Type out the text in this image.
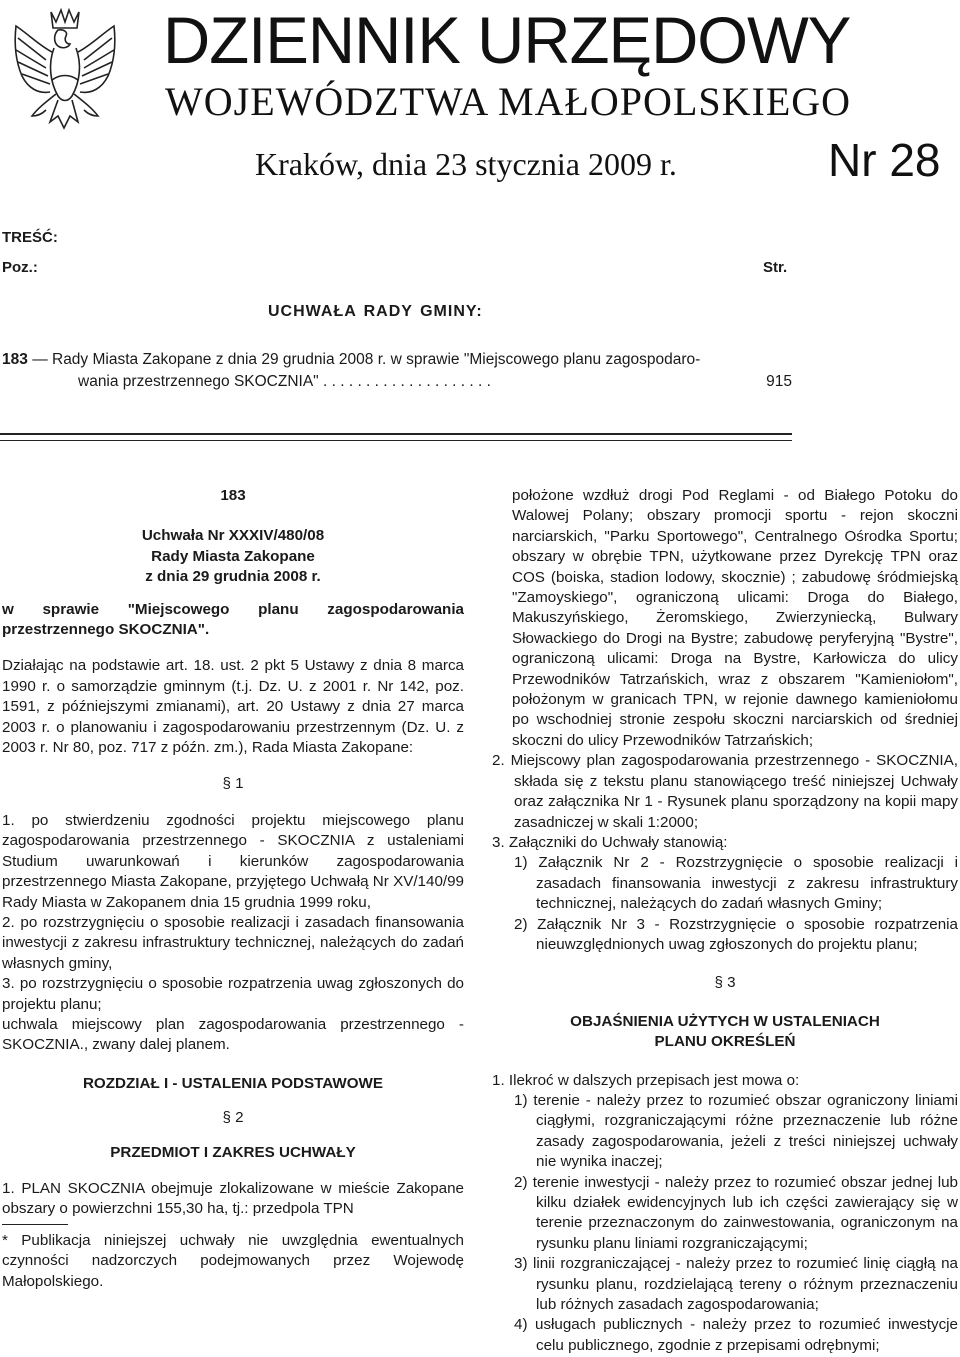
DZIENNIK URZĘDOWY
WOJEWÓDZTWA MAŁOPOLSKIEGO
Kraków, dnia 23 stycznia 2009 r.	Nr 28
TREŚĆ:
Poz.:	Str.
UCHWAŁA RADY GMINY:
183 — Rady Miasta Zakopane z dnia 29 grudnia 2008 r. w sprawie "Miejscowego planu zagospodaro-
wania przestrzennego SKOCZNIA" . . . . . . . . . . . . . . . . . . . .	915

183

Uchwała Nr XXXIV/480/08

Rady Miasta Zakopane

z dnia 29 grudnia 2008 r.

w sprawie "Miejscowego planu zagospodarowania przestrzennego SKOCZNIA".

Działając na podstawie art. 18. ust. 2 pkt 5 Ustawy z dnia 8 marca 1990 r. o samorządzie gminnym (t.j. Dz. U. z 2001 r. Nr 142, poz. 1591, z późniejszymi zmianami), art. 20 Ustawy z dnia 27 marca 2003 r. o planowaniu i zagospodarowaniu przestrzennym (Dz. U. z 2003 r. Nr 80, poz. 717 z późn. zm.), Rada Miasta Zakopane:

§ 1

1. po stwierdzeniu zgodności projektu miejscowego planu zagospodarowania przestrzennego - SKOCZNIA z ustaleniami Studium uwarunkowań i kierunków zagospodarowania przestrzennego Miasta Zakopane, przyjętego Uchwałą Nr XV/140/99 Rady Miasta w Zakopanem dnia 15 grudnia 1999 roku,

2. po rozstrzygnięciu o sposobie realizacji i zasadach finansowania inwestycji z zakresu infrastruktury technicznej, należących do zadań własnych gminy,

3. po rozstrzygnięciu o sposobie rozpatrzenia uwag zgłoszonych do projektu planu;

uchwala miejscowy plan zagospodarowania przestrzennego - SKOCZNIA., zwany dalej planem.

ROZDZIAŁ I - USTALENIA PODSTAWOWE

§ 2

PRZEDMIOT I ZAKRES UCHWAŁY

1. PLAN SKOCZNIA obejmuje zlokalizowane w mieście Zakopane obszary o powierzchni 155,30 ha, tj.: przedpola TPN

* Publikacja niniejszej uchwały nie uwzględnia ewentualnych czynności nadzorczych podejmowanych przez Wojewodę Małopolskiego.

położone wzdłuż drogi Pod Reglami - od Białego Potoku do Walowej Polany; obszary promocji sportu - rejon skoczni narciarskich, "Parku Sportowego", Centralnego Ośrodka Sportu; obszary w obrębie TPN, użytkowane przez Dyrekcję TPN oraz COS (boiska, stadion lodowy, skocznie) ; zabudowę śródmiejską "Zamoyskiego", ograniczoną ulicami: Droga do Białego, Makuszyńskiego, Żeromskiego, Zwierzyniecką, Bulwary Słowackiego do Drogi na Bystre; zabudowę peryferyjną "Bystre", ograniczoną ulicami: Droga na Bystre, Karłowicza do ulicy Przewodników Tatrzańskich, wraz z obszarem "Kamieniołom", położonym w granicach TPN, w rejonie dawnego kamieniołomu po wschodniej stronie zespołu skoczni narciarskich od średniej skoczni do ulicy Przewodników Tatrzańskich;

2. Miejscowy plan zagospodarowania przestrzennego - SKOCZNIA, składa się z tekstu planu stanowiącego treść niniejszej Uchwały oraz załącznika Nr 1 - Rysunek planu sporządzony na kopii mapy zasadniczej w skali 1:2000;

3. Załączniki do Uchwały stanowią:

1) Załącznik Nr 2 - Rozstrzygnięcie o sposobie realizacji i zasadach finansowania inwestycji z zakresu infrastruktury technicznej, należących do zadań własnych Gminy;

2) Załącznik Nr 3 - Rozstrzygnięcie o sposobie rozpatrzenia nieuwzględnionych uwag zgłoszonych do projektu planu;

§ 3

OBJAŚNIENIA UŻYTYCH W USTALENIACH

PLANU OKREŚLEŃ

1. Ilekroć w dalszych przepisach jest mowa o:

1) terenie - należy przez to rozumieć obszar ograniczony liniami ciągłymi, rozgraniczającymi różne przeznaczenie lub różne zasady zagospodarowania, jeżeli z treści niniejszej uchwały nie wynika inaczej;

2) terenie inwestycji - należy przez to rozumieć obszar jednej lub kilku działek ewidencyjnych lub ich części zawierający się w terenie przeznaczonym do zainwestowania, ograniczonym na rysunku planu liniami rozgraniczającymi;

3) linii rozgraniczającej - należy przez to rozumieć linię ciągłą na rysunku planu, rozdzielającą tereny o różnym przeznaczeniu lub różnych zasadach zagospodarowania;

4) usługach publicznych - należy przez to rozumieć inwestycje celu publicznego, zgodnie z przepisami odrębnymi;
